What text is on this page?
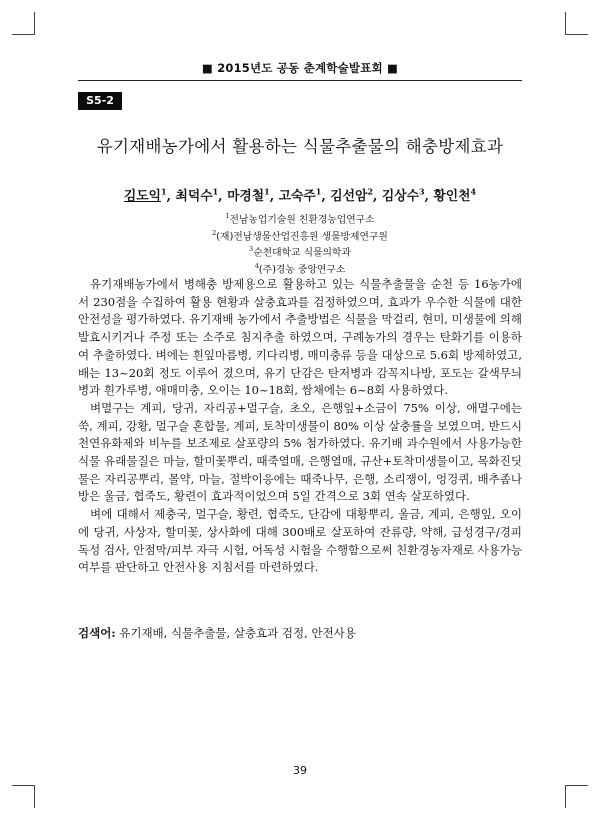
■ 2015년도 공동 춘계학술발표회 ■
S5-2
유기재배농가에서 활용하는 식물추출물의 해충방제효과
김도익$^1$, 최덕수$^1$, 마경철$^1$, 고숙주$^1$, 김선암$^2$, 김상수$^3$, 황인천$^4$
$^1$전남농업기술원 친환경농업연구소
$^2$(재)전남생물산업진흥원 생물방제연구원
$^3$순천대학교 식물의학과
$^4$(주)경농 중앙연구소

유기재배농가에서 병해충 방제용으로 활용하고 있는 식물추출물을 순천 등 16농가에서 230점을 수집하여 활용 현황과 살충효과를 검정하였으며, 효과가 우수한 식물에 대한 안전성을 평가하였다. 유기재배 농가에서 추출방법은 식물을 막걸리, 현미, 미생물에 의해 발효시키거나 주정 또는 소주로 침지추출 하였으며, 구례농가의 경우는 탄화기를 이용하여 추출하였다. 벼에는 흰잎마름병, 키다리병, 매미충류 등을 대상으로 5.6회 방제하였고, 배는 13~20회 정도 이루어 졌으며, 유기 단감은 탄저병과 감꼭지나방, 포도는 갈색무늬병과 흰가루병, 애매미충, 오이는 10~18회, 쌈채에는 6~8회 사용하였다.

벼멸구는 계피, 당귀, 자리공+멀구슬, 초오, 은행잎+소금이 75% 이상, 애멸구에는 쑥, 계피, 강황, 멀구슬 혼합물, 계피, 토착미생물이 80% 이상 살충률을 보였으며, 반드시 천연유화제와 비누를 보조제로 살포량의 5% 첨가하였다. 유기배 과수원에서 사용가능한 식물 유래물질은 마늘, 할미꽃뿌리, 때죽열매, 은행열매, 규산+토착미생물이고, 목화진딧물은 자리공뿌리, 몰약, 마늘, 절박이응에는 때죽나무, 은행, 소리쟁이, 엉겅퀴, 배추좀나방은 울금, 협죽도, 황련이 효과적이었으며 5일 간격으로 3회 연속 살포하였다.

벼에 대해서 제충국, 멀구슬, 황련, 협죽도, 단감에 대황뿌리, 울금, 계피, 은행잎, 오이에 당귀, 사상자, 할미꽃, 상사화에 대해 300배로 살포하여 잔류량, 약해, 급성경구/경피 독성 검사, 안점막/피부 자극 시험, 어독성 시험을 수행함으로써 친환경농자재로 사용가능여부를 판단하고 안전사용 지침서를 마련하였다.

검색어: 유기재배, 식물추출물, 살충효과 검정, 안전사용
39
